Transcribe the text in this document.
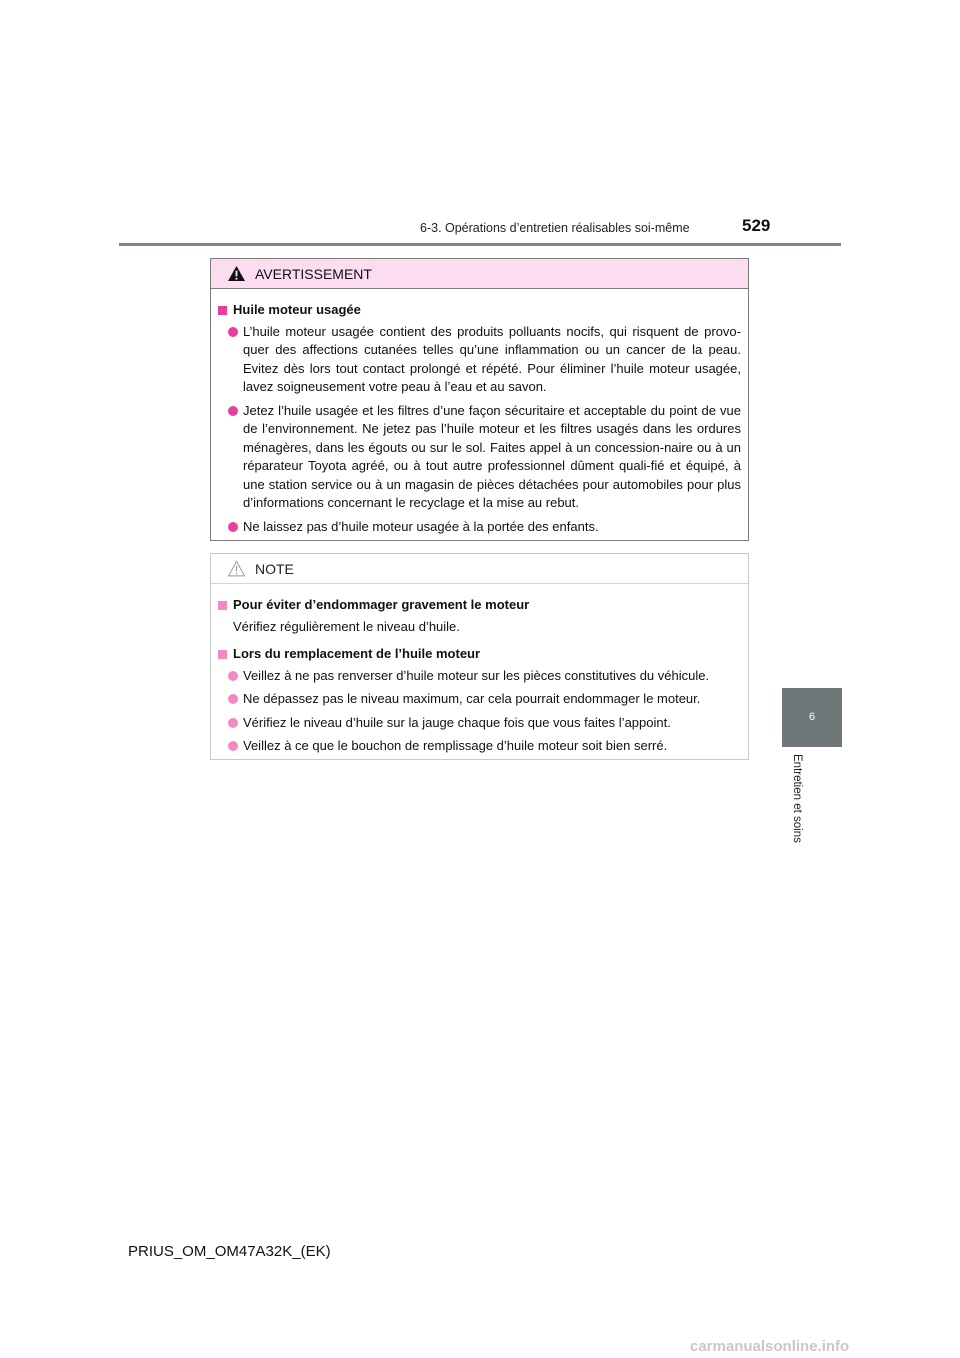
6-3. Opérations d’entretien réalisables soi-même	529
6
Entretien et soins
AVERTISSEMENT
Huile moteur usagée
L’huile moteur usagée contient des produits polluants nocifs, qui risquent de provo-quer des affections cutanées telles qu’une inflammation ou un cancer de la peau. Evitez dès lors tout contact prolongé et répété. Pour éliminer l’huile moteur usagée, lavez soigneusement votre peau à l’eau et au savon.
Jetez l’huile usagée et les filtres d’une façon sécuritaire et acceptable du point de vue de l’environnement. Ne jetez pas l’huile moteur et les filtres usagés dans les ordures ménagères, dans les égouts ou sur le sol. Faites appel à un concession-naire ou à un réparateur Toyota agréé, ou à tout autre professionnel dûment quali-fié et équipé, à une station service ou à un magasin de pièces détachées pour automobiles pour plus d’informations concernant le recyclage et la mise au rebut.
Ne laissez pas d’huile moteur usagée à la portée des enfants.
NOTE
Pour éviter d’endommager gravement le moteur
Vérifiez régulièrement le niveau d’huile.
Lors du remplacement de l’huile moteur
Veillez à ne pas renverser d’huile moteur sur les pièces constitutives du véhicule.
Ne dépassez pas le niveau maximum, car cela pourrait endommager le moteur.
Vérifiez le niveau d’huile sur la jauge chaque fois que vous faites l’appoint.
Veillez à ce que le bouchon de remplissage d’huile moteur soit bien serré.
PRIUS_OM_OM47A32K_(EK)
carmanualsonline.info
